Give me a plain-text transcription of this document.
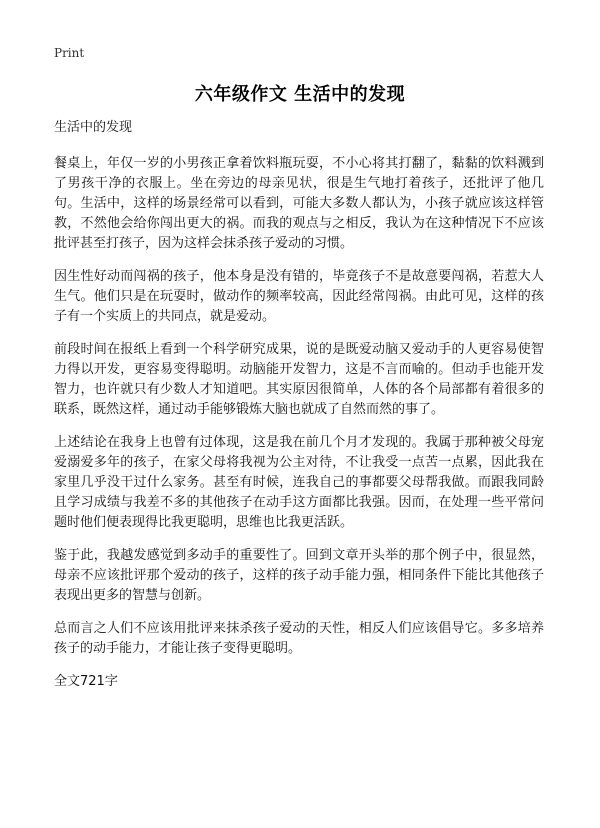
Print
六年级作文 生活中的发现

生活中的发现

餐桌上，年仅一岁的小男孩正拿着饮料瓶玩耍，不小心将其打翻了，黏黏的饮料溅到了男孩干净的衣服上。坐在旁边的母亲见状，很是生气地打着孩子，还批评了他几句。生活中，这样的场景经常可以看到，可能大多数人都认为，小孩子就应该这样管教，不然他会给你闯出更大的祸。而我的观点与之相反，我认为在这种情况下不应该批评甚至打孩子，因为这样会抹杀孩子爱动的习惯。

因生性好动而闯祸的孩子，他本身是没有错的，毕竟孩子不是故意要闯祸，若惹大人生气。他们只是在玩耍时，做动作的频率较高，因此经常闯祸。由此可见，这样的孩子有一个实质上的共同点，就是爱动。

前段时间在报纸上看到一个科学研究成果，说的是既爱动脑又爱动手的人更容易使智力得以开发，更容易变得聪明。动脑能开发智力，这是不言而喻的。但动手也能开发智力，也许就只有少数人才知道吧。其实原因很简单，人体的各个局部都有着很多的联系，既然这样，通过动手能够锻炼大脑也就成了自然而然的事了。

上述结论在我身上也曾有过体现，这是我在前几个月才发现的。我属于那种被父母宠爱溺爱多年的孩子，在家父母将我视为公主对待，不让我受一点苦一点累，因此我在家里几乎没干过什么家务。甚至有时候，连我自己的事都要父母帮我做。而跟我同龄且学习成绩与我差不多的其他孩子在动手这方面都比我强。因而，在处理一些平常问题时他们便表现得比我更聪明，思维也比我更活跃。

鉴于此，我越发感觉到多动手的重要性了。回到文章开头举的那个例子中，很显然，母亲不应该批评那个爱动的孩子，这样的孩子动手能力强，相同条件下能比其他孩子表现出更多的智慧与创新。

总而言之人们不应该用批评来抹杀孩子爱动的天性，相反人们应该倡导它。多多培养孩子的动手能力，才能让孩子变得更聪明。

全文721字
